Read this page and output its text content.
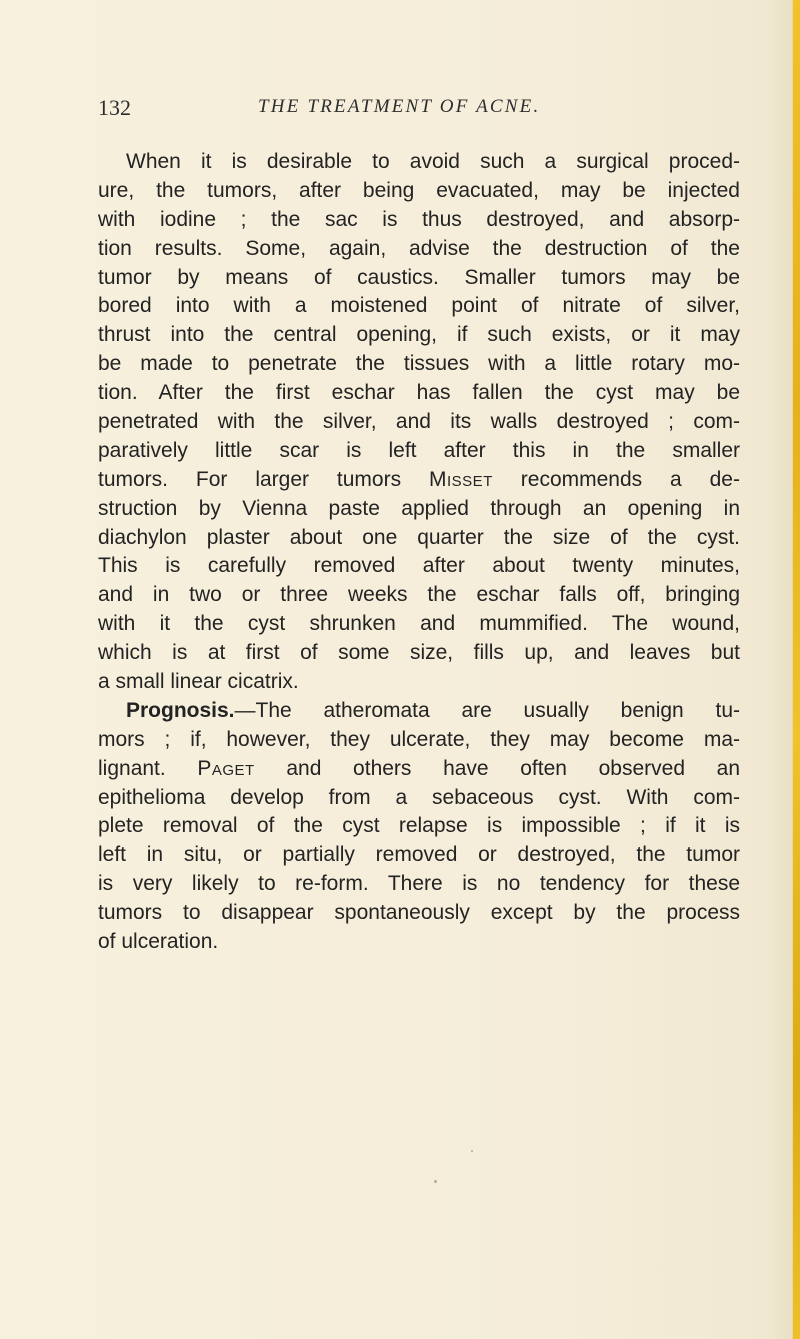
132	THE TREATMENT OF ACNE.
When it is desirable to avoid such a surgical proced-
ure, the tumors, after being evacuated, may be injected
with iodine ; the sac is thus destroyed, and absorp-
tion results. Some, again, advise the destruction of the
tumor by means of caustics. Smaller tumors may be
bored into with a moistened point of nitrate of silver,
thrust into the central opening, if such exists, or it may
be made to penetrate the tissues with a little rotary mo-
tion. After the first eschar has fallen the cyst may be
penetrated with the silver, and its walls destroyed ; com-
paratively little scar is left after this in the smaller
tumors. For larger tumors Misset recommends a de-
struction by Vienna paste applied through an opening in
diachylon plaster about one quarter the size of the cyst.
This is carefully removed after about twenty minutes,
and in two or three weeks the eschar falls off, bringing
with it the cyst shrunken and mummified. The wound,
which is at first of some size, fills up, and leaves but
a small linear cicatrix.
Prognosis.—The atheromata are usually benign tu-
mors ; if, however, they ulcerate, they may become ma-
lignant. Paget and others have often observed an
epithelioma develop from a sebaceous cyst. With com-
plete removal of the cyst relapse is impossible ; if it is
left in situ, or partially removed or destroyed, the tumor
is very likely to re-form. There is no tendency for these
tumors to disappear spontaneously except by the process
of ulceration.
